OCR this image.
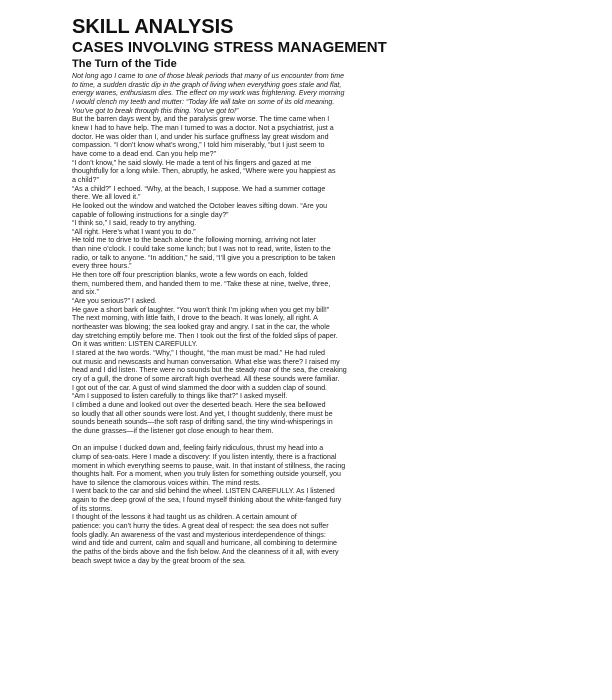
SKILL ANALYSIS
CASES INVOLVING STRESS MANAGEMENT
The Turn of the Tide
Not long ago I came to one of those bleak periods that many of us encounter from time
to time, a sudden drastic dip in the graph of living when everything goes stale and flat,
energy wanes, enthusiasm dies. The effect on my work was frightening. Every morning
I would clench my teeth and mutter: “Today life will take on some of its old meaning.
You’ve got to break through this thing. You’ve got to!”
But the barren days went by, and the paralysis grew worse. The time came when I
knew I had to have help. The man I turned to was a doctor. Not a psychiatrist, just a
doctor. He was older than I, and under his surface gruffness lay great wisdom and
compassion. “I don’t know what’s wrong,” I told him miserably, “but I just seem to
have come to a dead end. Can you help me?”
“I don’t know,” he said slowly. He made a tent of his fingers and gazed at me
thoughtfully for a long while. Then, abruptly, he asked, “Where were you happiest as
a child?”
“As a child?” I echoed. “Why, at the beach, I suppose. We had a summer cottage
there. We all loved it.”
He looked out the window and watched the October leaves sifting down. “Are you
capable of following instructions for a single day?”
“I think so,” I said, ready to try anything.
“All right. Here’s what I want you to do.”
He told me to drive to the beach alone the following morning, arriving not later
than nine o’clock. I could take some lunch; but I was not to read, write, listen to the
radio, or talk to anyone. “In addition,” he said, “I’ll give you a prescription to be taken
every three hours.”
He then tore off four prescription blanks, wrote a few words on each, folded
them, numbered them, and handed them to me. “Take these at nine, twelve, three,
and six.”
“Are you serious?” I asked.
He gave a short bark of laughter. “You won’t think I’m joking when you get my bill!”
The next morning, with little faith, I drove to the beach. It was lonely, all right. A
northeaster was blowing; the sea looked gray and angry. I sat in the car, the whole
day stretching emptily before me. Then I took out the first of the folded slips of paper.
On it was written: LISTEN CAREFULLY.
I stared at the two words. “Why,” I thought, “the man must be mad.” He had ruled
out music and newscasts and human conversation. What else was there? I raised my
head and I did listen. There were no sounds but the steady roar of the sea, the creaking
cry of a gull, the drone of some aircraft high overhead. All these sounds were familiar.
I got out of the car. A gust of wind slammed the door with a sudden clap of sound.
“Am I supposed to listen carefully to things like that?” I asked myself.
I climbed a dune and looked out over the deserted beach. Here the sea bellowed
so loudly that all other sounds were lost. And yet, I thought suddenly, there must be
sounds beneath sounds—the soft rasp of drifting sand, the tiny wind-whisperings in
the dune grasses—if the listener got close enough to hear them.
On an impulse I ducked down and, feeling fairly ridiculous, thrust my head into a
clump of sea-oats. Here I made a discovery: If you listen intently, there is a fractional
moment in which everything seems to pause, wait. In that instant of stillness, the racing
thoughts halt. For a moment, when you truly listen for something outside yourself, you
have to silence the clamorous voices within. The mind rests.
I went back to the car and slid behind the wheel. LISTEN CAREFULLY. As I listened
again to the deep growl of the sea, I found myself thinking about the white-fanged fury
of its storms.
I thought of the lessons it had taught us as children. A certain amount of
patience: you can’t hurry the tides. A great deal of respect: the sea does not suffer
fools gladly. An awareness of the vast and mysterious interdependence of things:
wind and tide and current, calm and squall and hurricane, all combining to determine
the paths of the birds above and the fish below. And the cleanness of it all, with every
beach swept twice a day by the great broom of the sea.
